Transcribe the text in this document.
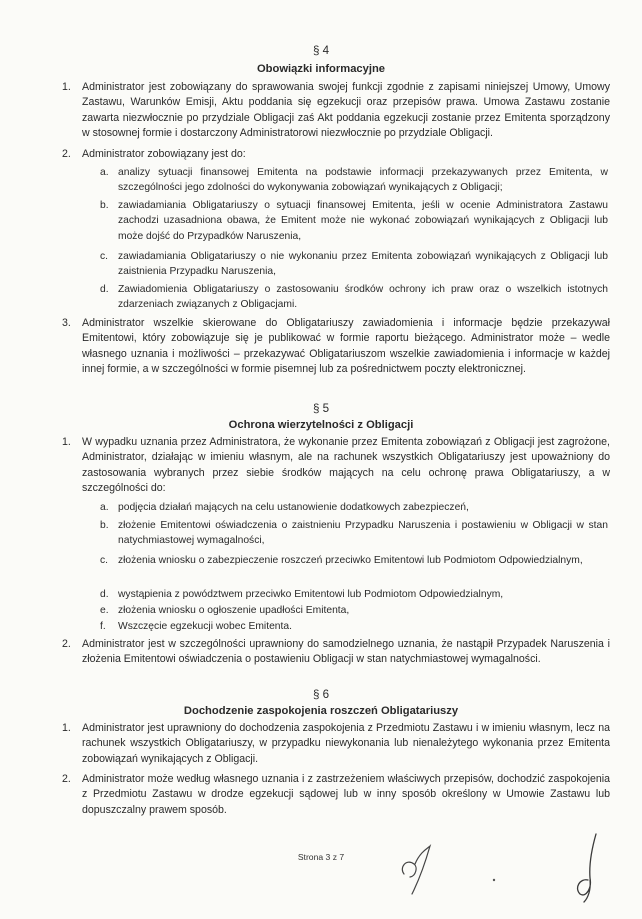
§ 4
Obowiązki informacyjne
1. Administrator jest zobowiązany do sprawowania swojej funkcji zgodnie z zapisami niniejszej Umowy, Umowy Zastawu, Warunków Emisji, Aktu poddania się egzekucji oraz przepisów prawa. Umowa Zastawu zostanie zawarta niezwłocznie po przydziale Obligacji zaś Akt poddania egzekucji zostanie przez Emitenta sporządzony w stosownej formie i dostarczony Administratorowi niezwłocznie po przydziale Obligacji.
2. Administrator zobowiązany jest do:
a. analizy sytuacji finansowej Emitenta na podstawie informacji przekazywanych przez Emitenta, w szczególności jego zdolności do wykonywania zobowiązań wynikających z Obligacji;
b. zawiadamiania Obligatariuszy o sytuacji finansowej Emitenta, jeśli w ocenie Administratora Zastawu zachodzi uzasadniona obawa, że Emitent może nie wykonać zobowiązań wynikających z Obligacji lub może dojść do Przypadków Naruszenia,
c. zawiadamiania Obligatariuszy o nie wykonaniu przez Emitenta zobowiązań wynikających z Obligacji lub zaistnienia Przypadku Naruszenia,
d. Zawiadomienia Obligatariuszy o zastosowaniu środków ochrony ich praw oraz o wszelkich istotnych zdarzeniach związanych z Obligacjami.
3. Administrator wszelkie skierowane do Obligatariuszy zawiadomienia i informacje będzie przekazywał Emitentowi, który zobowiązuje się je publikować w formie raportu bieżącego. Administrator może – wedle własnego uznania i możliwości – przekazywać Obligatariuszom wszelkie zawiadomienia i informacje w każdej innej formie, a w szczególności w formie pisemnej lub za pośrednictwem poczty elektronicznej.
§ 5
Ochrona wierzytelności z Obligacji
1. W wypadku uznania przez Administratora, że wykonanie przez Emitenta zobowiązań z Obligacji jest zagrożone, Administrator, działając w imieniu własnym, ale na rachunek wszystkich Obligatariuszy jest upoważniony do zastosowania wybranych przez siebie środków mających na celu ochronę prawa Obligatariuszy, a w szczególności do:
a. podjęcia działań mających na celu ustanowienie dodatkowych zabezpieczeń,
b. złożenie Emitentowi oświadczenia o zaistnieniu Przypadku Naruszenia i postawieniu w Obligacji w stan natychmiastowej wymagalności,
c. złożenia wniosku o zabezpieczenie roszczeń przeciwko Emitentowi lub Podmiotom Odpowiedzialnym,
d. wystąpienia z powództwem przeciwko Emitentowi lub Podmiotom Odpowiedzialnym,
e. złożenia wniosku o ogłoszenie upadłości Emitenta,
f. Wszczęcie egzekucji wobec Emitenta.
2. Administrator jest w szczególności uprawniony do samodzielnego uznania, że nastąpił Przypadek Naruszenia i złożenia Emitentowi oświadczenia o postawieniu Obligacji w stan natychmiastowej wymagalności.
§ 6
Dochodzenie zaspokojenia roszczeń Obligatariuszy
1. Administrator jest uprawniony do dochodzenia zaspokojenia z Przedmiotu Zastawu i w imieniu własnym, lecz na rachunek wszystkich Obligatariuszy, w przypadku niewykonania lub nienależytego wykonania przez Emitenta zobowiązań wynikających z Obligacji.
2. Administrator może według własnego uznania i z zastrzeżeniem właściwych przepisów, dochodzić zaspokojenia z Przedmiotu Zastawu w drodze egzekucji sądowej lub w inny sposób określony w Umowie Zastawu lub dopuszczalny prawem sposób.
Strona 3 z 7
